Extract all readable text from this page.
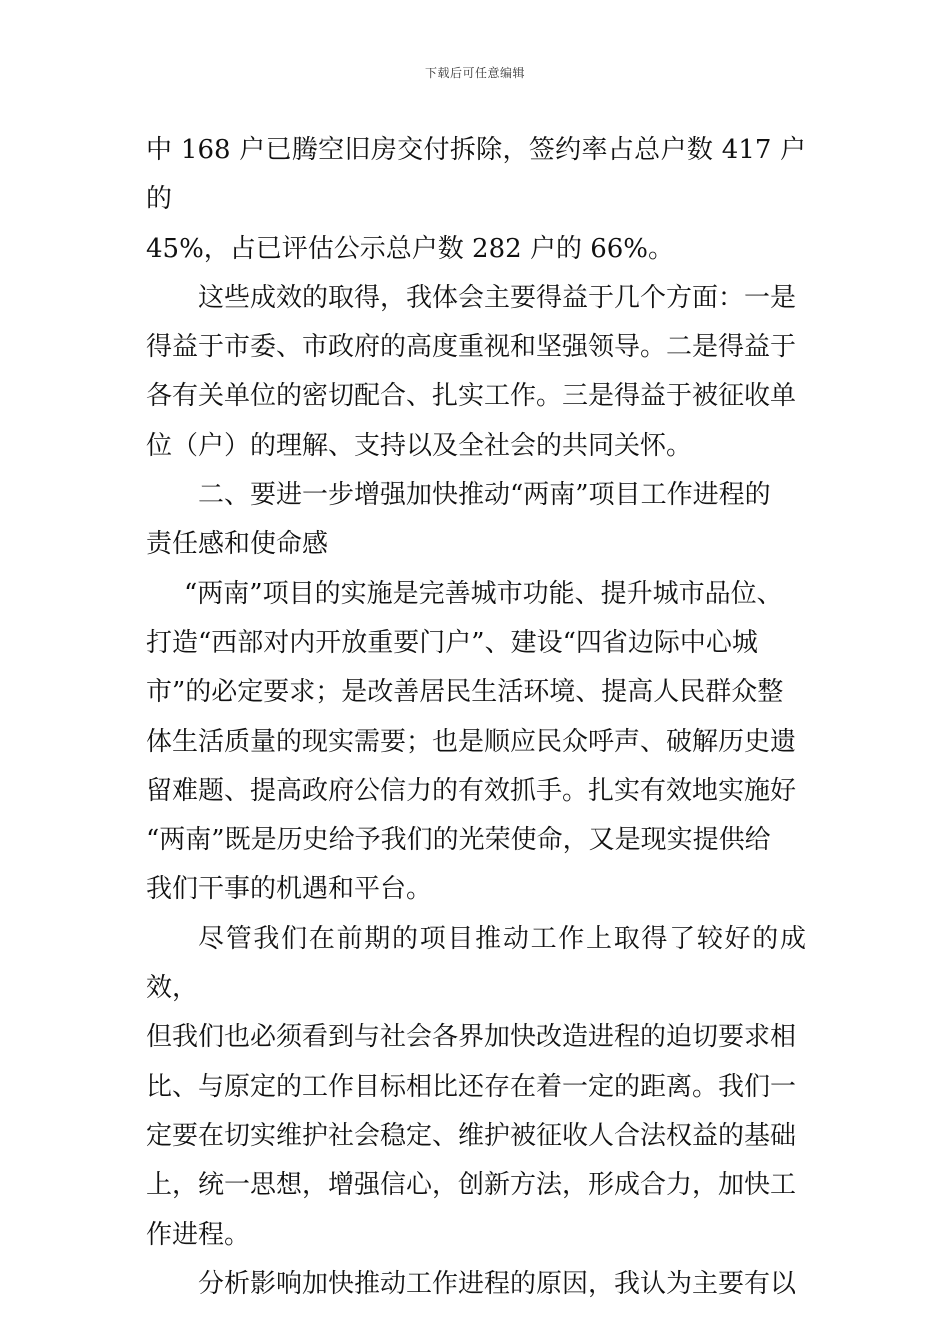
下载后可任意编辑

中 168 户已腾空旧房交付拆除，签约率占总户数 417 户的
45%，占已评估公示总户数 282 户的 66%。

这些成效的取得，我体会主要得益于几个方面：一是
得益于市委、市政府的高度重视和坚强领导。二是得益于
各有关单位的密切配合、扎实工作。三是得益于被征收单
位（户）的理解、支持以及全社会的共同关怀。

二、要进一步增强加快推动“两南”项目工作进程的
责任感和使命感

“两南”项目的实施是完善城市功能、提升城市品位、
打造“西部对内开放重要门户”、建设“四省边际中心城
市”的必定要求；是改善居民生活环境、提高人民群众整
体生活质量的现实需要；也是顺应民众呼声、破解历史遗
留难题、提高政府公信力的有效抓手。扎实有效地实施好
“两南”既是历史给予我们的光荣使命，又是现实提供给
我们干事的机遇和平台。

尽管我们在前期的项目推动工作上取得了较好的成效，
但我们也必须看到与社会各界加快改造进程的迫切要求相
比、与原定的工作目标相比还存在着一定的距离。我们一
定要在切实维护社会稳定、维护被征收人合法权益的基础
上，统一思想，增强信心，创新方法，形成合力，加快工
作进程。

分析影响加快推动工作进程的原因，我认为主要有以
